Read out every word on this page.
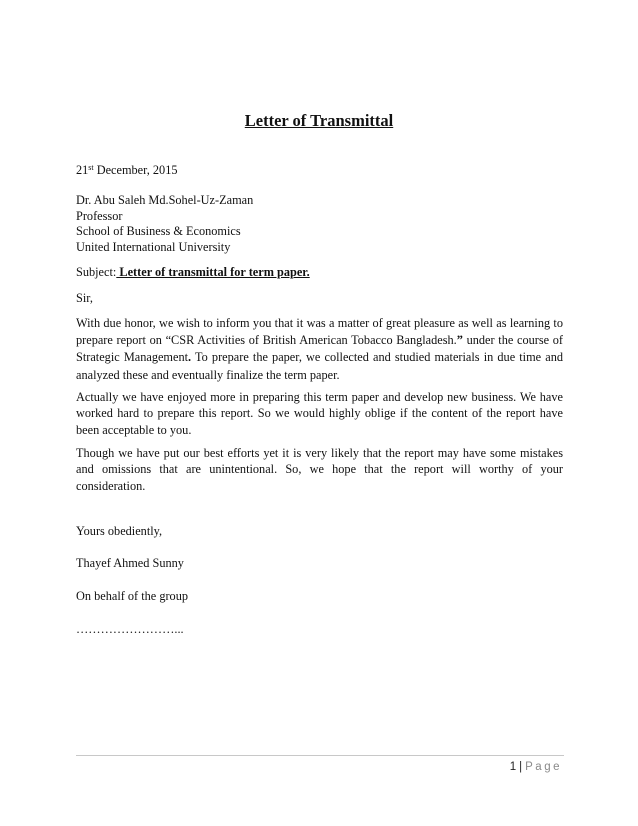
Letter of Transmittal
21st December, 2015
Dr. Abu Saleh Md.Sohel-Uz-Zaman
Professor
School of Business & Economics
United International University
Subject: Letter of transmittal for term paper.
Sir,
With due honor, we wish to inform you that it was a matter of great pleasure as well as learning to prepare report on “CSR Activities of British American Tobacco Bangladesh.” under the course of Strategic Management. To prepare the paper, we collected and studied materials in due time and analyzed these and eventually finalize the term paper.
Actually we have enjoyed more in preparing this term paper and develop new business. We have worked hard to prepare this report. So we would highly oblige if the content of the report have been acceptable to you.
Though we have put our best efforts yet it is very likely that the report may have some mistakes and omissions that are unintentional. So, we hope that the report will worthy of your consideration.
Yours obediently,
Thayef Ahmed Sunny
On behalf of the group
……………………...
1 | Page
